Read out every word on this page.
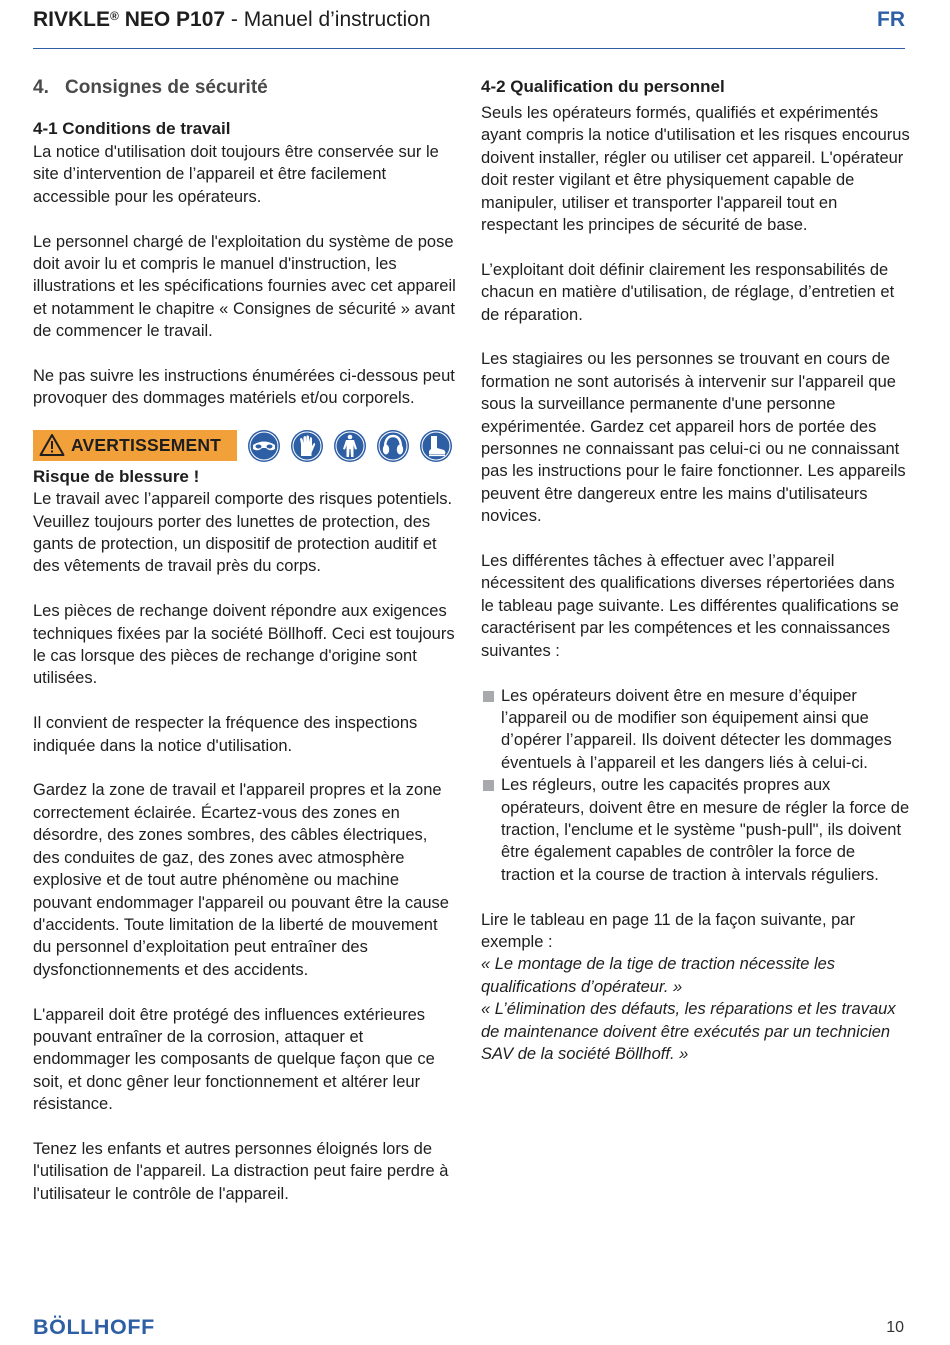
RIVKLE® NEO P107 - Manuel d’instruction	FR
4. Consignes de sécurité
4-1 Conditions de travail

La notice d'utilisation doit toujours être conservée sur le site d’intervention de l’appareil et être facilement accessible pour les opérateurs.

Le personnel chargé de l'exploitation du système de pose doit avoir lu et compris le manuel d'instruction, les illustrations et les spécifications fournies avec cet appareil et notamment le chapitre « Consignes de sécurité » avant de commencer le travail.

Ne pas suivre les instructions énumérées ci-dessous peut provoquer des dommages matériels et/ou corporels.

AVERTISSEMENT
Risque de blessure !
Le travail avec l’appareil comporte des risques potentiels.

Veuillez toujours porter des lunettes de protection, des gants de protection, un dispositif de protection auditif et des vêtements de travail près du corps.

Les pièces de rechange doivent répondre aux exigences techniques fixées par la société Böllhoff. Ceci est toujours le cas lorsque des pièces de rechange d'origine sont utilisées.

Il convient de respecter la fréquence des inspections indiquée dans la notice d'utilisation.

Gardez la zone de travail et l'appareil propres et la zone correctement éclairée. Écartez-vous des zones en désordre, des zones sombres, des câbles électriques, des conduites de gaz, des zones avec atmosphère explosive et de tout autre phénomène ou machine pouvant endommager l'appareil ou pouvant être la cause d'accidents. Toute limitation de la liberté de mouvement du personnel d’exploitation peut entraîner des dysfonctionnements et des accidents.

L'appareil doit être protégé des influences extérieures pouvant entraîner de la corrosion, attaquer et endommager les composants de quelque façon que ce soit, et donc gêner leur fonctionnement et altérer leur résistance.

Tenez les enfants et autres personnes éloignés lors de l'utilisation de l'appareil. La distraction peut faire perdre à l'utilisateur le contrôle de l'appareil.

4-2 Qualification du personnel

Seuls les opérateurs formés, qualifiés et expérimentés ayant compris la notice d'utilisation et les risques encourus doivent installer, régler ou utiliser cet appareil. L'opérateur doit rester vigilant et être physiquement capable de manipuler, utiliser et transporter l'appareil tout en respectant les principes de sécurité de base.

L’exploitant doit définir clairement les responsabilités de chacun en matière d'utilisation, de réglage, d’entretien et de réparation.

Les stagiaires ou les personnes se trouvant en cours de formation ne sont autorisés à intervenir sur l'appareil que sous la surveillance permanente d'une personne expérimentée. Gardez cet appareil hors de portée des personnes ne connaissant pas celui-ci ou ne connaissant pas les instructions pour le faire fonctionner. Les appareils peuvent être dangereux entre les mains d'utilisateurs novices.

Les différentes tâches à effectuer avec l’appareil nécessitent des qualifications diverses répertoriées dans le tableau page suivante. Les différentes qualifications se caractérisent par les compétences et les connaissances suivantes :

Les opérateurs doivent être en mesure d’équiper l’appareil ou de modifier son équipement ainsi que d’opérer l’appareil. Ils doivent détecter les dommages éventuels à l’appareil et les dangers liés à celui-ci.
Les régleurs, outre les capacités propres aux opérateurs, doivent être en mesure de régler la force de traction, l'enclume et le système "push-pull", ils doivent être également capables de contrôler la force de traction et la course de traction à intervals réguliers.
Lire le tableau en page 11 de la façon suivante, par exemple :
« Le montage de la tige de traction nécessite les qualifications d’opérateur. »
« L’élimination des défauts, les réparations et les travaux de maintenance doivent être exécutés par un technicien SAV de la société Böllhoff. »
BÖLLHOFF	10
